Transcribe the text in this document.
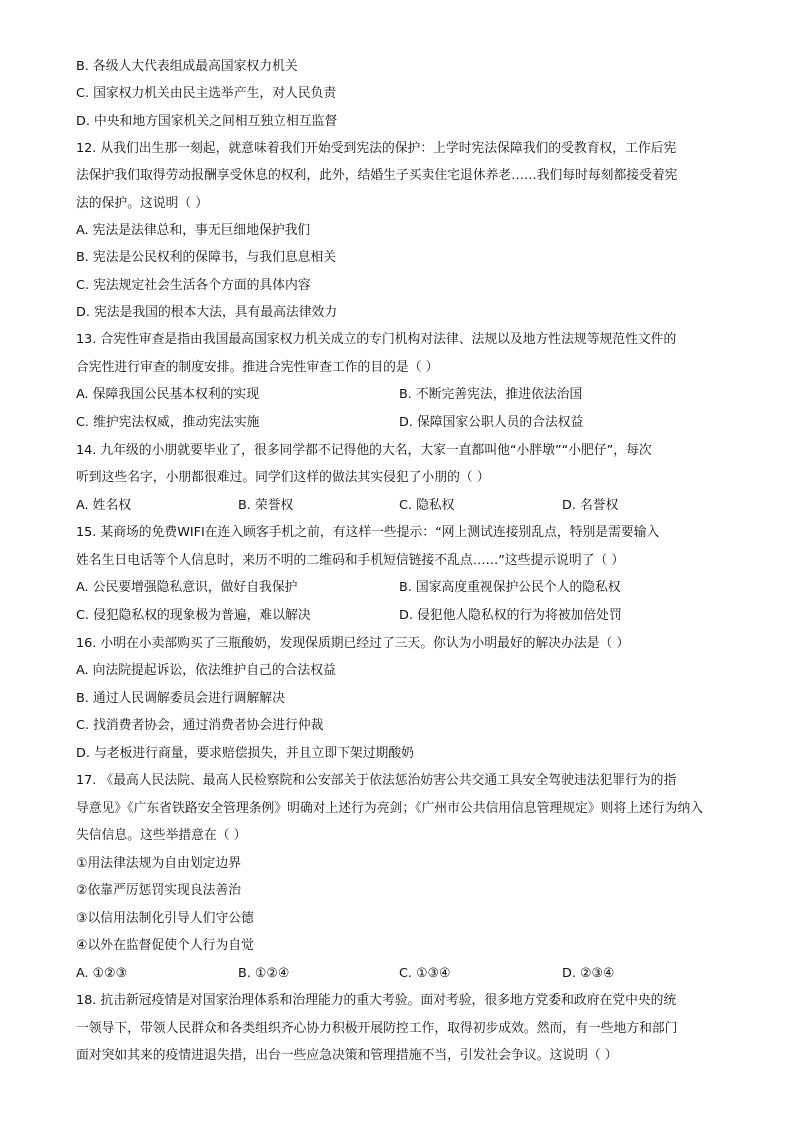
B. 各级人大代表组成最高国家权力机关
C. 国家权力机关由民主选举产生，对人民负责
D. 中央和地方国家机关之间相互独立相互监督
12. 从我们出生那一刻起，就意味着我们开始受到宪法的保护：上学时宪法保障我们的受教育权，工作后宪
法保护我们取得劳动报酬享受休息的权利，此外，结婚生子买卖住宅退休养老……我们每时每刻都接受着宪
法的保护。这说明（ ）
A. 宪法是法律总和，事无巨细地保护我们
B. 宪法是公民权利的保障书，与我们息息相关
C. 宪法规定社会生活各个方面的具体内容
D. 宪法是我国的根本大法，具有最高法律效力
13. 合宪性审查是指由我国最高国家权力机关成立的专门机构对法律、法规以及地方性法规等规范性文件的
合宪性进行审查的制度安排。推进合宪性审查工作的目的是（ ）
A. 保障我国公民基本权利的实现	B. 不断完善宪法，推进依法治国
C. 维护宪法权威，推动宪法实施	D. 保障国家公职人员的合法权益
14. 九年级的小朋就要毕业了，很多同学都不记得他的大名，大家一直都叫他“小胖墩”“小肥仔”，每次
听到这些名字，小朋都很难过。同学们这样的做法其实侵犯了小朋的（ ）
A. 姓名权	B. 荣誉权	C. 隐私权	D. 名誉权
15. 某商场的免费WIFI在连入顾客手机之前，有这样一些提示：“网上测试连接别乱点，特别是需要输入
姓名生日电话等个人信息时，来历不明的二维码和手机短信链接不乱点……”这些提示说明了（ ）
A. 公民要增强隐私意识，做好自我保护	B. 国家高度重视保护公民个人的隐私权
C. 侵犯隐私权的现象极为普遍，难以解决	D. 侵犯他人隐私权的行为将被加倍处罚
16. 小明在小卖部购买了三瓶酸奶，发现保质期已经过了三天。你认为小明最好的解决办法是（ ）
A. 向法院提起诉讼，依法维护自己的合法权益
B. 通过人民调解委员会进行调解解决
C. 找消费者协会，通过消费者协会进行仲裁
D. 与老板进行商量，要求赔偿损失，并且立即下架过期酸奶
17. 《最高人民法院、最高人民检察院和公安部关于依法惩治妨害公共交通工具安全驾驶违法犯罪行为的指
导意见》《广东省铁路安全管理条例》明确对上述行为亮剑；《广州市公共信用信息管理规定》则将上述行为纳入
失信信息。这些举措意在（ ）
①用法律法规为自由划定边界
②依靠严厉惩罚实现良法善治
③以信用法制化引导人们守公德
④以外在监督促使个人行为自觉
A. ①②③	B. ①②④	C. ①③④	D. ②③④
18. 抗击新冠疫情是对国家治理体系和治理能力的重大考验。面对考验，很多地方党委和政府在党中央的统
一领导下，带领人民群众和各类组织齐心协力积极开展防控工作，取得初步成效。然而，有一些地方和部门
面对突如其来的疫情进退失措，出台一些应急决策和管理措施不当，引发社会争议。这说明（ ）
